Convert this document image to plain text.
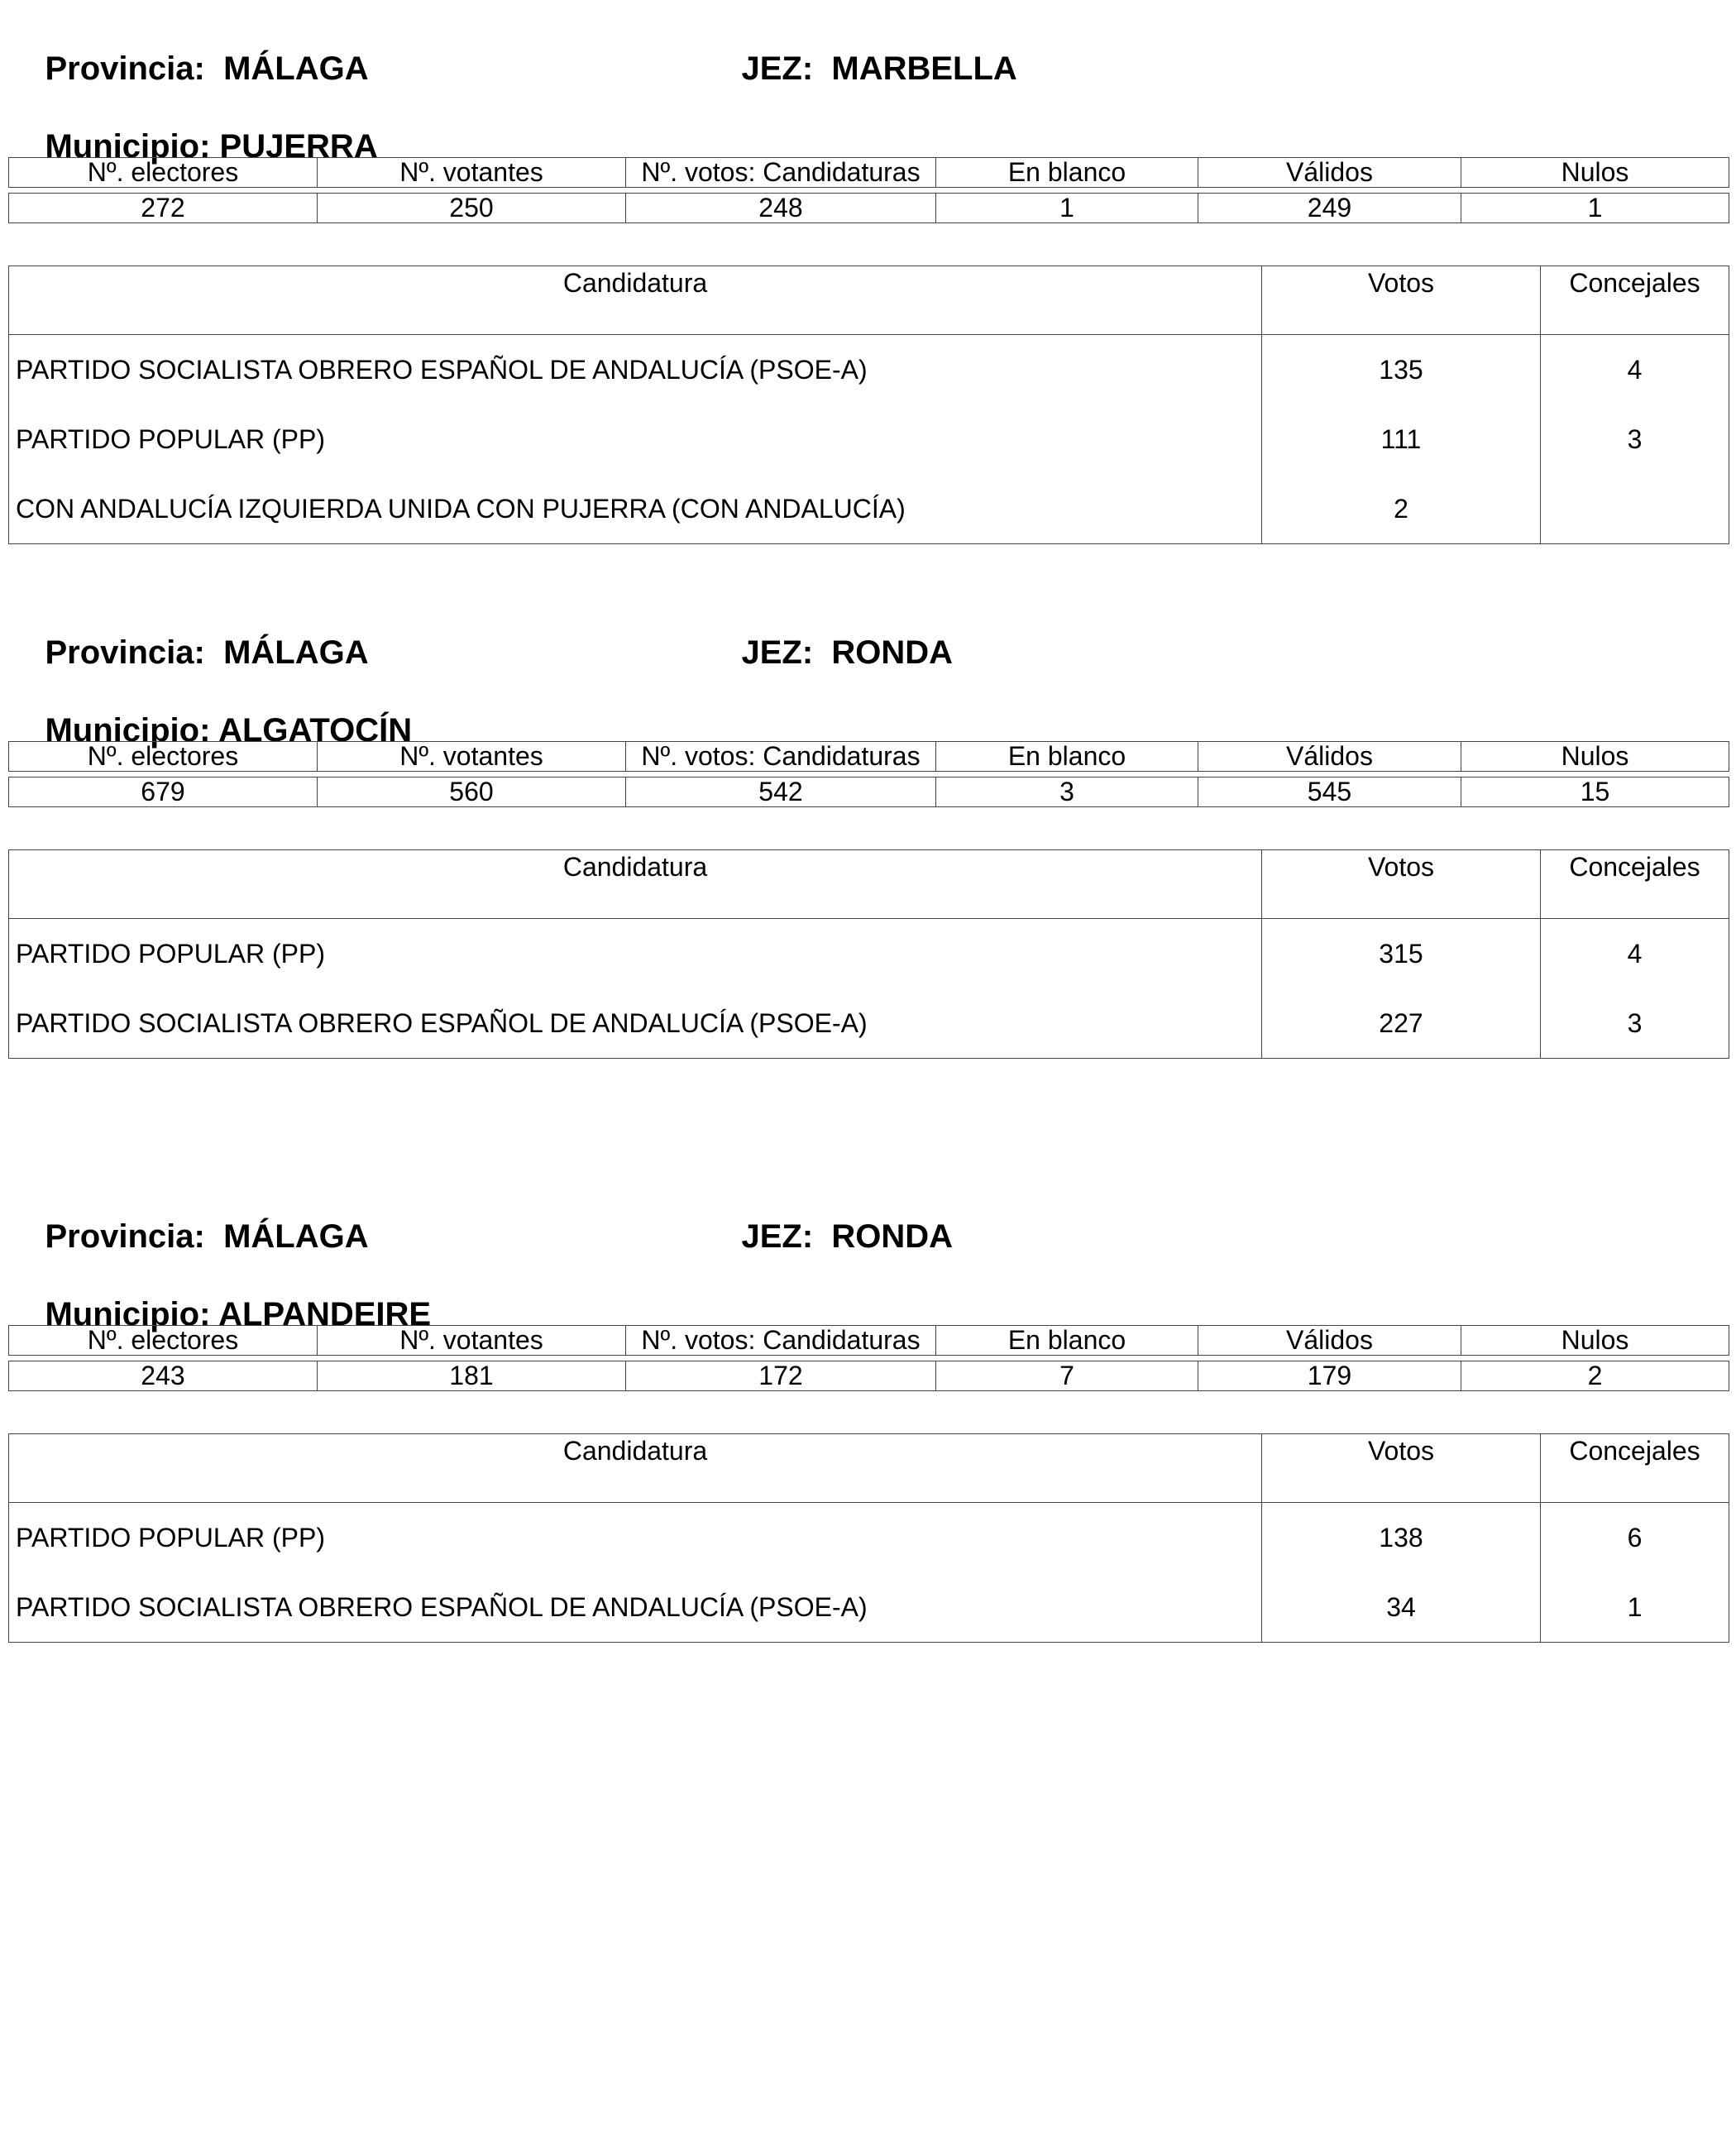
Provincia: MÁLAGA
	JEZ: MARBELLA

Municipio: PUJERRA

Nº. electores	Nº. votantes	Nº. votos: Candidaturas	En blanco	Válidos	Nulos

272	250	248	1	249	1
Candidatura	Votos	Concejales
PARTIDO SOCIALISTA OBRERO ESPAÑOL DE ANDALUCÍA (PSOE-A)	135	4
PARTIDO POPULAR (PP)	111	3
CON ANDALUCÍA IZQUIERDA UNIDA CON PUJERRA (CON ANDALUCÍA)	2	

Provincia: MÁLAGA
	JEZ: RONDA

Municipio: ALGATOCÍN

Nº. electores	Nº. votantes	Nº. votos: Candidaturas	En blanco	Válidos	Nulos

679	560	542	3	545	15
Candidatura	Votos	Concejales
PARTIDO POPULAR (PP)	315	4
PARTIDO SOCIALISTA OBRERO ESPAÑOL DE ANDALUCÍA (PSOE-A)	227	3

Provincia: MÁLAGA
	JEZ: RONDA

Municipio: ALPANDEIRE

Nº. electores	Nº. votantes	Nº. votos: Candidaturas	En blanco	Válidos	Nulos

243	181	172	7	179	2
Candidatura	Votos	Concejales
PARTIDO POPULAR (PP)	138	6
PARTIDO SOCIALISTA OBRERO ESPAÑOL DE ANDALUCÍA (PSOE-A)	34	1
